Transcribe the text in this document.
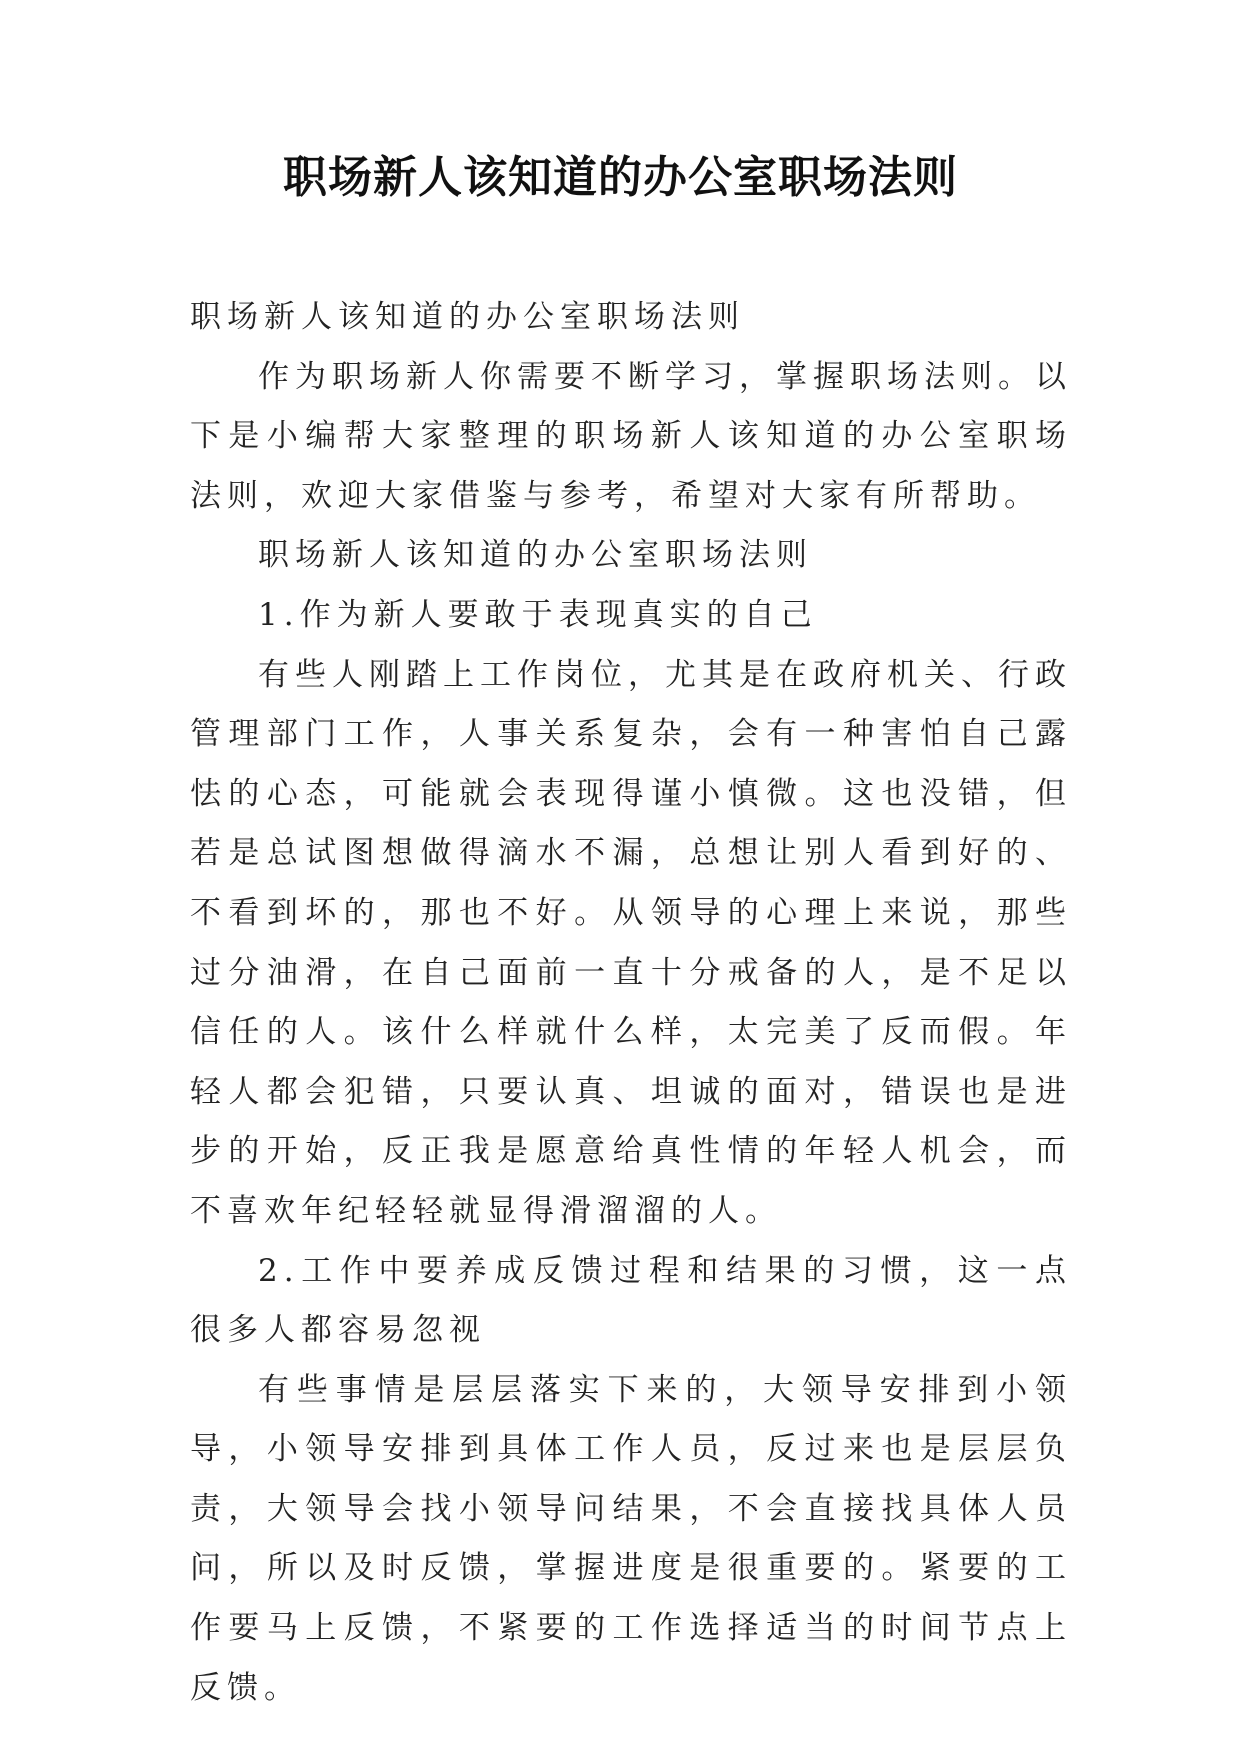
职场新人该知道的办公室职场法则

职场新人该知道的办公室职场法则

作为职场新人你需要不断学习，掌握职场法则。以下是小编帮大家整理的职场新人该知道的办公室职场法则，欢迎大家借鉴与参考，希望对大家有所帮助。

职场新人该知道的办公室职场法则

1.作为新人要敢于表现真实的自己

有些人刚踏上工作岗位，尤其是在政府机关、行政管理部门工作，人事关系复杂，会有一种害怕自己露怯的心态，可能就会表现得谨小慎微。这也没错，但若是总试图想做得滴水不漏，总想让别人看到好的、不看到坏的，那也不好。从领导的心理上来说，那些过分油滑，在自己面前一直十分戒备的人，是不足以信任的人。该什么样就什么样，太完美了反而假。年轻人都会犯错，只要认真、坦诚的面对，错误也是进步的开始，反正我是愿意给真性情的年轻人机会，而不喜欢年纪轻轻就显得滑溜溜的人。

2.工作中要养成反馈过程和结果的习惯，这一点很多人都容易忽视

有些事情是层层落实下来的，大领导安排到小领导，小领导安排到具体工作人员，反过来也是层层负责，大领导会找小领导问结果，不会直接找具体人员问，所以及时反馈，掌握进度是很重要的。紧要的工作要马上反馈，不紧要的工作选择适当的时间节点上反馈。
